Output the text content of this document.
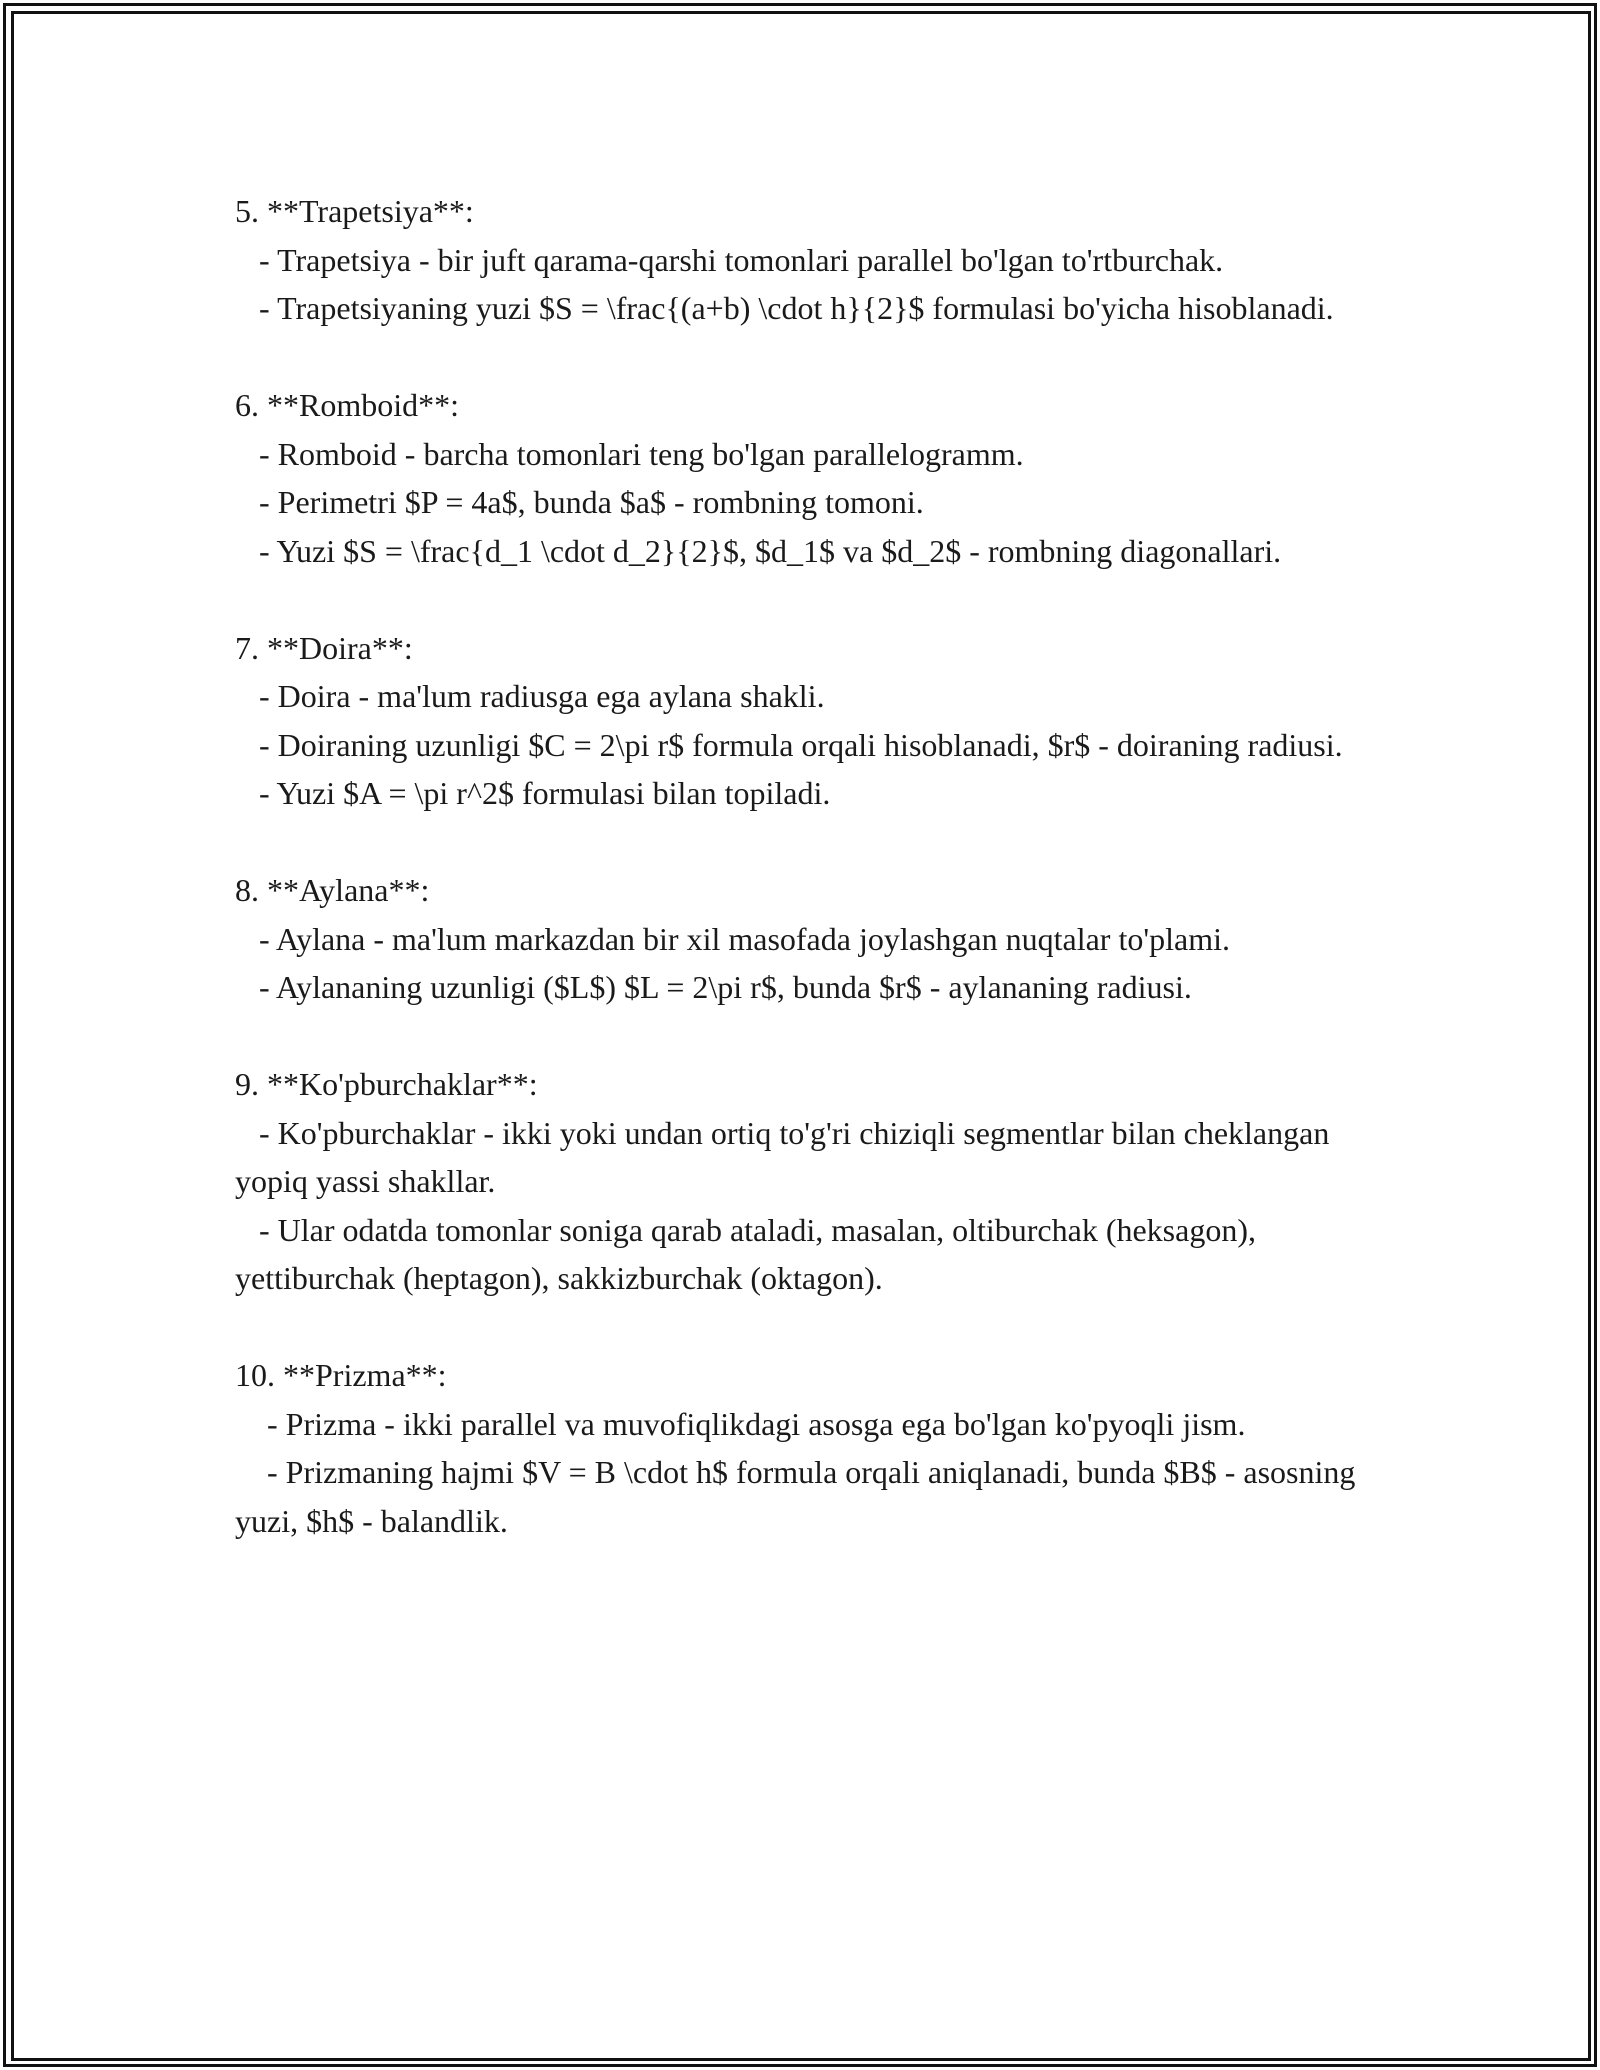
5. **Trapetsiya**:

- Trapetsiya - bir juft qarama-qarshi tomonlari parallel bo'lgan to'rtburchak.

- Trapetsiyaning yuzi $S = \frac{(a+b) \cdot h}{2}$ formulasi bo'yicha hisoblanadi.

6. **Romboid**:

- Romboid - barcha tomonlari teng bo'lgan parallelogramm.

- Perimetri $P = 4a$, bunda $a$ - rombning tomoni.

- Yuzi $S = \frac{d_1 \cdot d_2}{2}$, $d_1$ va $d_2$ - rombning diagonallari.

7. **Doira**:

- Doira - ma'lum radiusga ega aylana shakli.

- Doiraning uzunligi $C = 2\pi r$ formula orqali hisoblanadi, $r$ - doiraning radiusi.

- Yuzi $A = \pi r^2$ formulasi bilan topiladi.

8. **Aylana**:

- Aylana - ma'lum markazdan bir xil masofada joylashgan nuqtalar to'plami.

- Aylananing uzunligi ($L$) $L = 2\pi r$, bunda $r$ - aylananing radiusi.

9. **Ko'pburchaklar**:

- Ko'pburchaklar - ikki yoki undan ortiq to'g'ri chiziqli segmentlar bilan cheklangan yopiq yassi shakllar.

- Ular odatda tomonlar soniga qarab ataladi, masalan, oltiburchak (heksagon), yettiburchak (heptagon), sakkizburchak (oktagon).

10. **Prizma**:

- Prizma - ikki parallel va muvofiqlikdagi asosga ega bo'lgan ko'pyoqli jism.

- Prizmaning hajmi $V = B \cdot h$ formula orqali aniqlanadi, bunda $B$ - asosning yuzi, $h$ - balandlik.
